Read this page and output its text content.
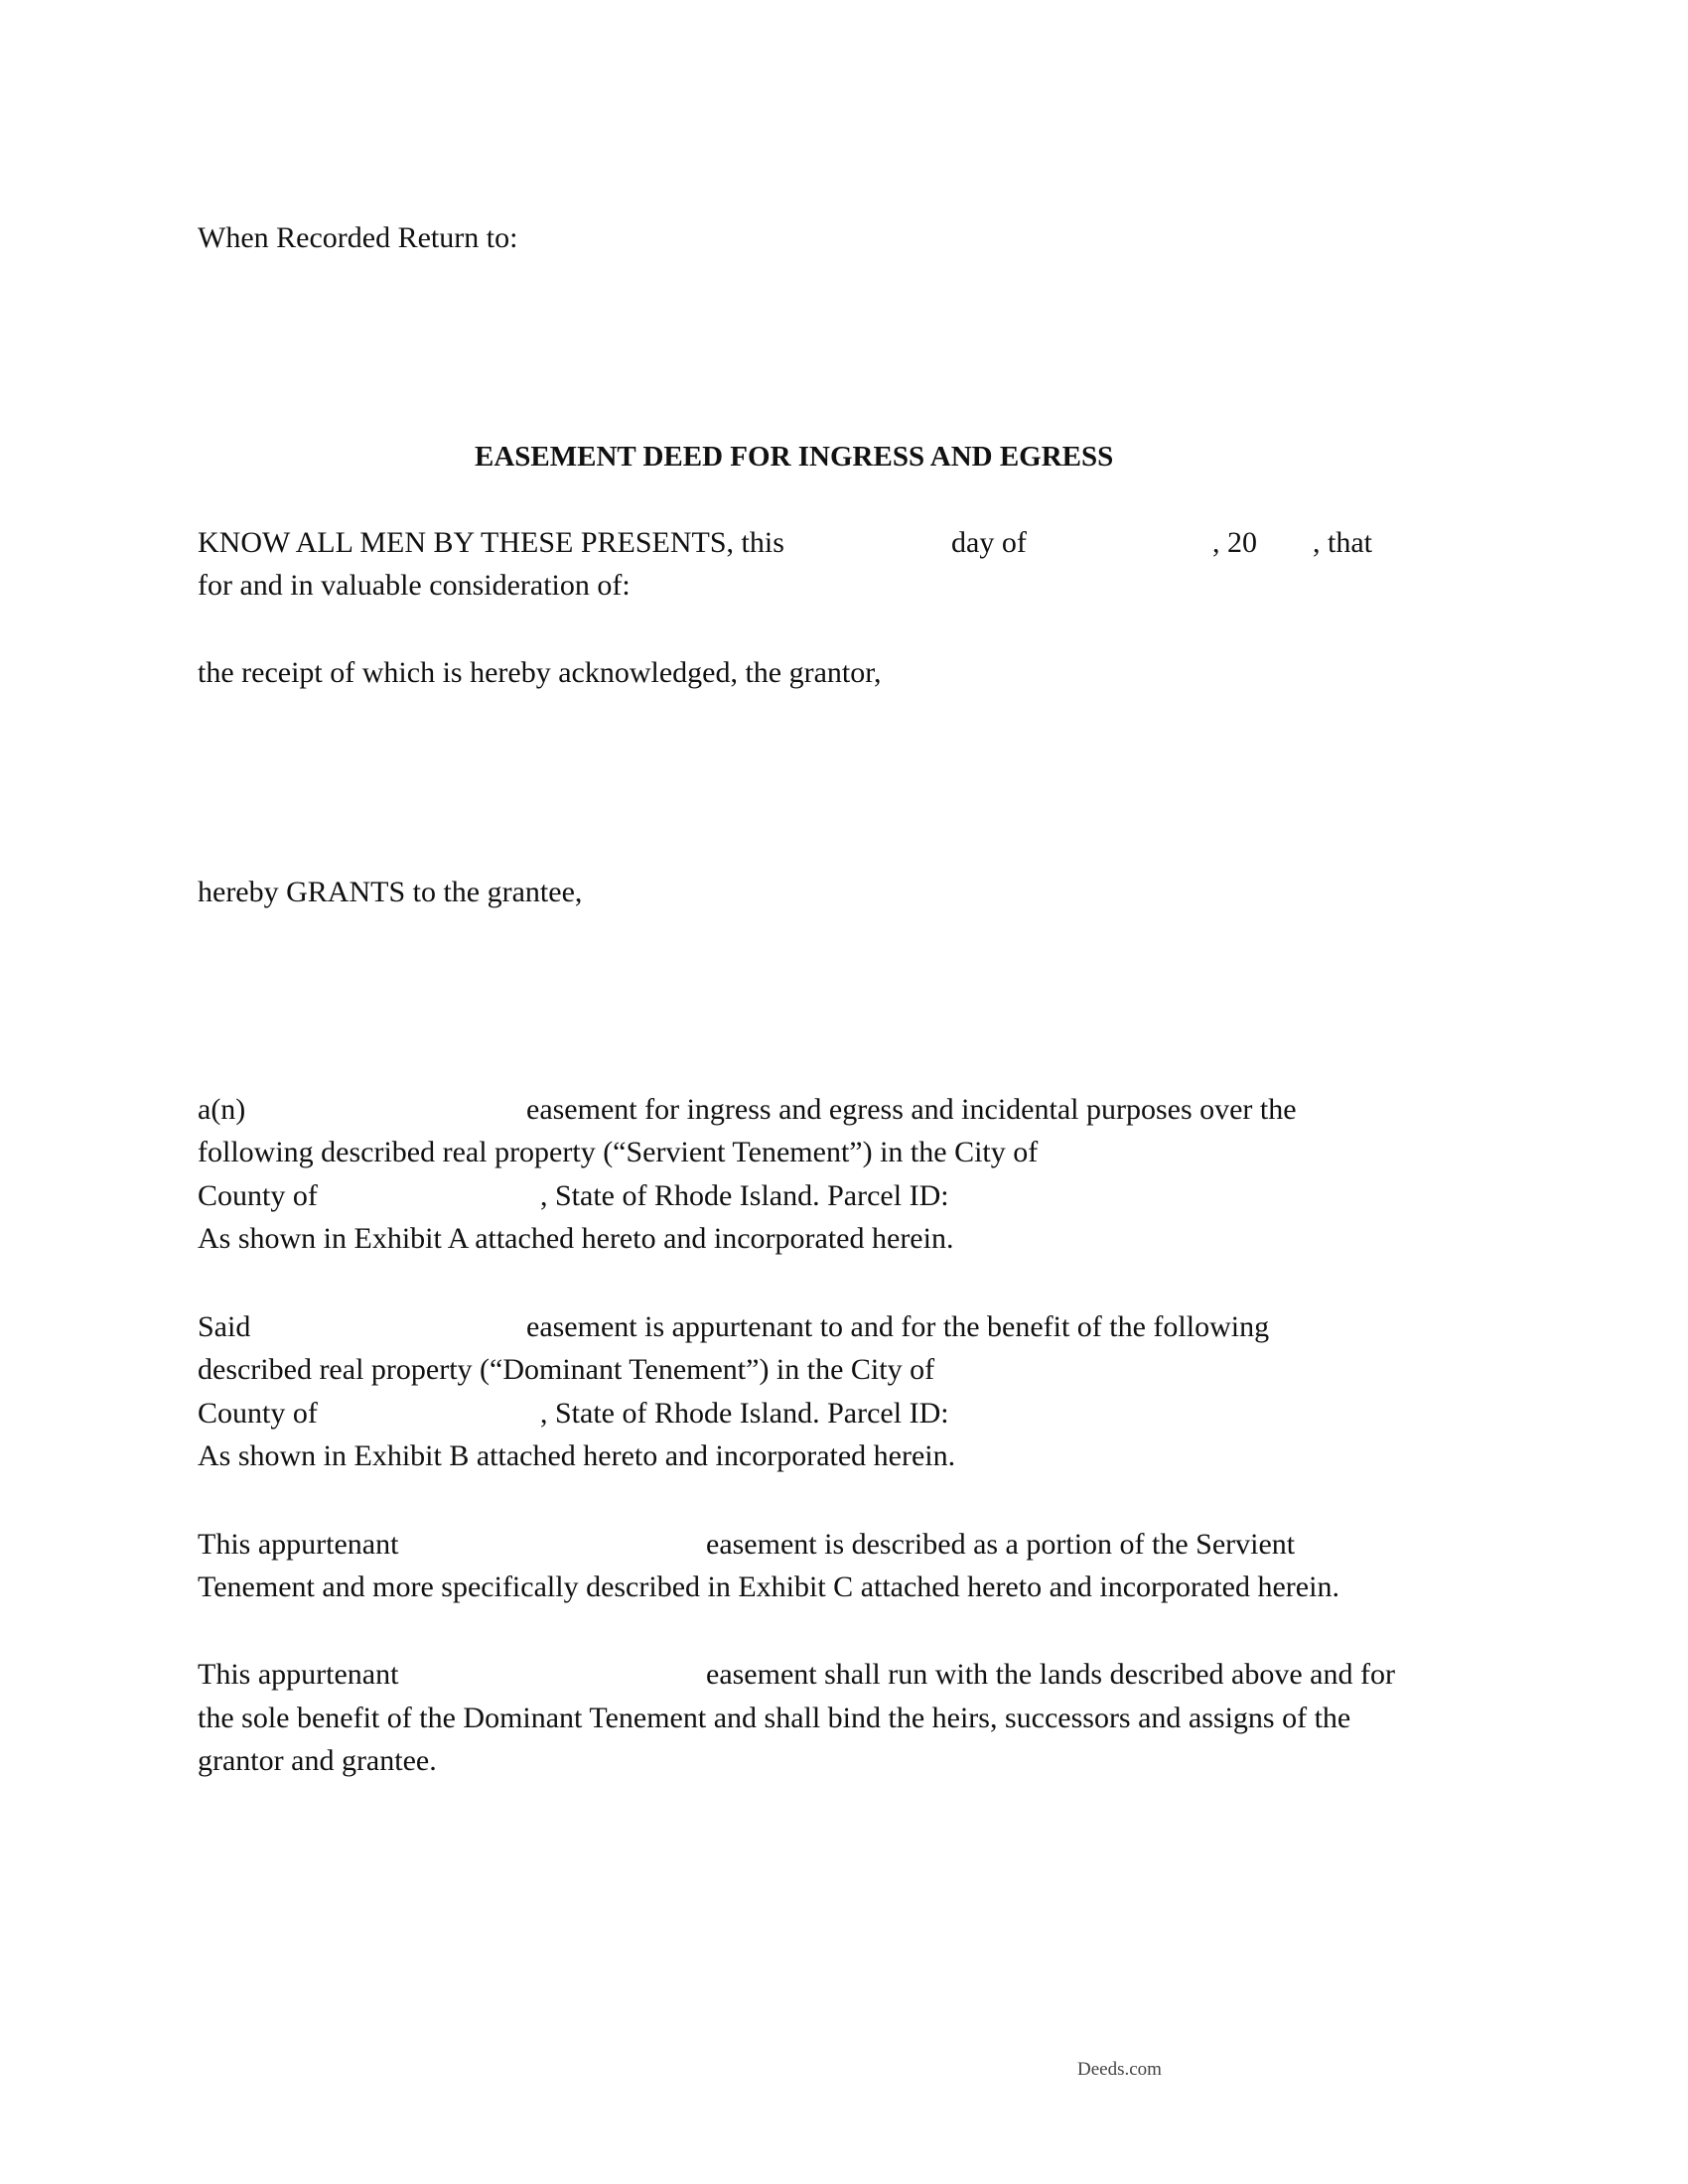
When Recorded Return to:
EASEMENT DEED FOR INGRESS AND EGRESS
KNOW ALL MEN BY THESE PRESENTS, this	day of	, 20 , that
for and in valuable consideration of:
the receipt of which is hereby acknowledged, the grantor,
hereby GRANTS to the grantee,
a(n)	easement for ingress and egress and incidental purposes over the
following described real property (“Servient Tenement”) in the City of
County of	, State of Rhode Island. Parcel ID:
As shown in Exhibit A attached hereto and incorporated herein.
Said	easement is appurtenant to and for the benefit of the following
described real property (“Dominant Tenement”) in the City of
County of	, State of Rhode Island. Parcel ID:
As shown in Exhibit B attached hereto and incorporated herein.
This appurtenant	easement is described as a portion of the Servient
Tenement and more specifically described in Exhibit C attached hereto and incorporated herein.
This appurtenant	easement shall run with the lands described above and for
the sole benefit of the Dominant Tenement and shall bind the heirs, successors and assigns of the
grantor and grantee.
Deeds.com
